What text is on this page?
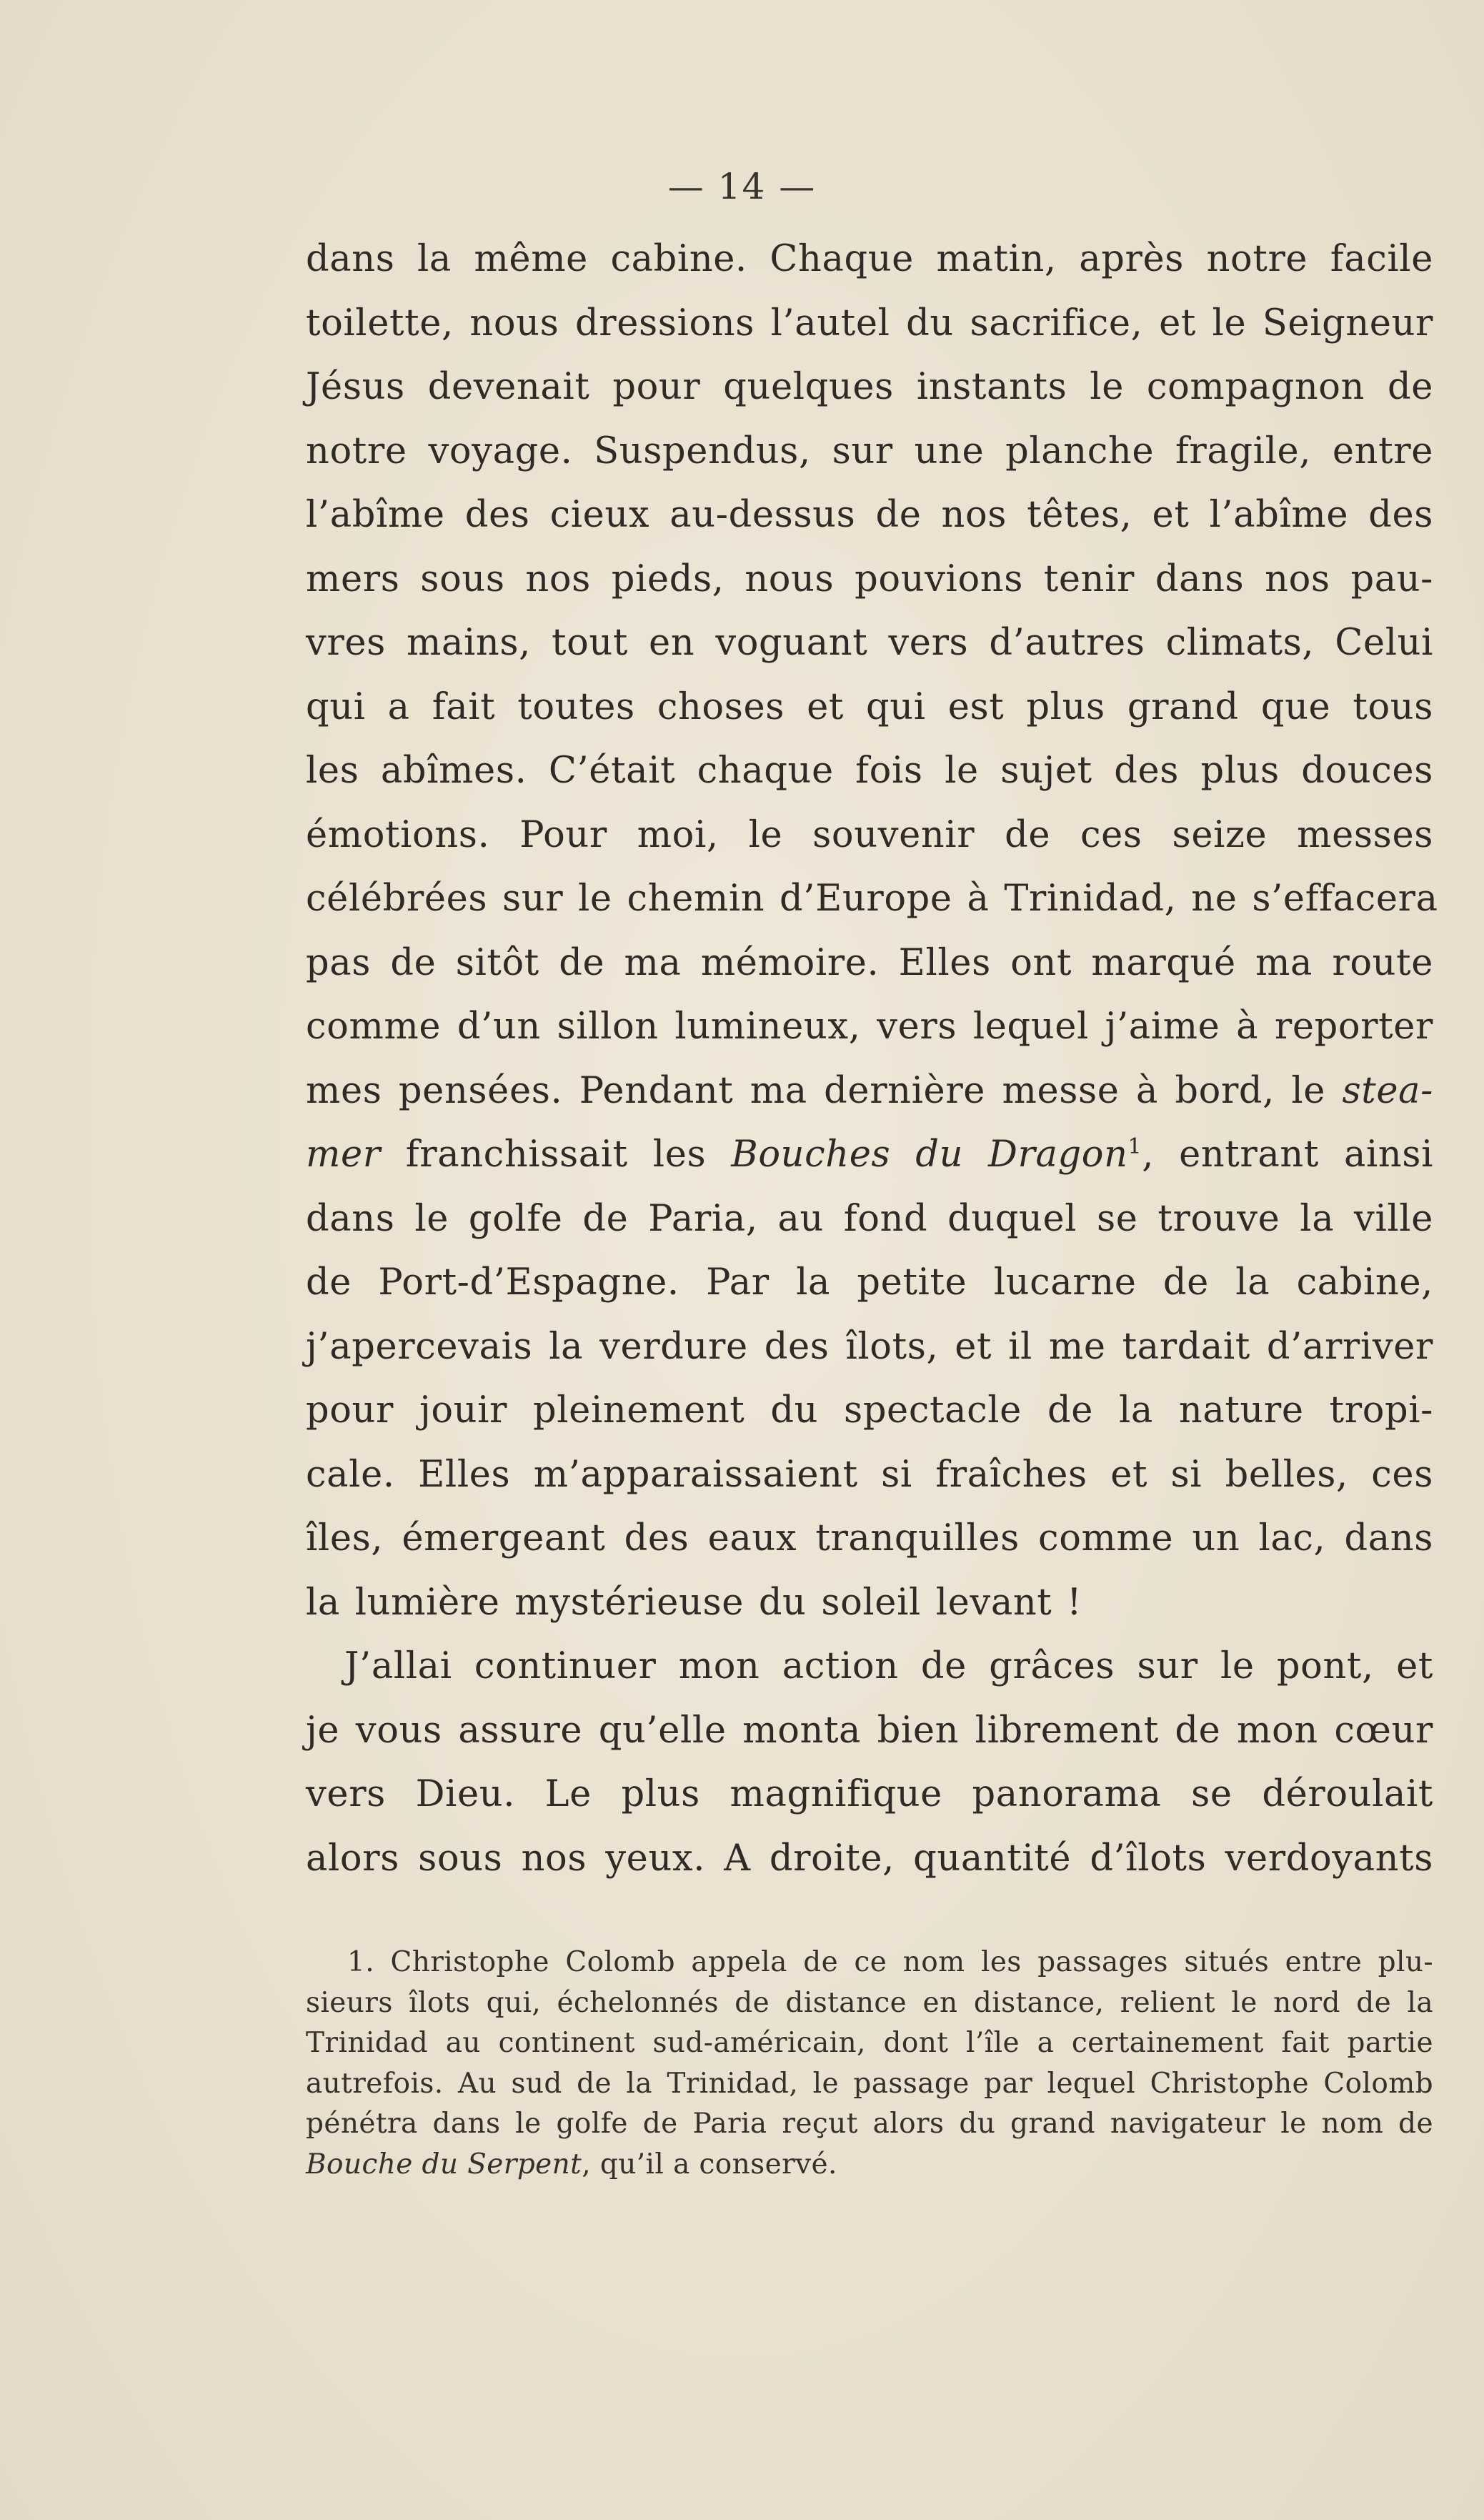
— 14 —
dans la même cabine. Chaque matin, après notre facile
toilette, nous dressions l’autel du sacrifice, et le Seigneur
Jésus devenait pour quelques instants le compagnon de
notre voyage. Suspendus, sur une planche fragile, entre
l’abîme des cieux au-dessus de nos têtes, et l’abîme des
mers sous nos pieds, nous pouvions tenir dans nos pau-
vres mains, tout en voguant vers d’autres climats, Celui
qui a fait toutes choses et qui est plus grand que tous
les abîmes. C’était chaque fois le sujet des plus douces
émotions. Pour moi, le souvenir de ces seize messes
célébrées sur le chemin d’Europe à Trinidad, ne s’effacera
pas de sitôt de ma mémoire. Elles ont marqué ma route
comme d’un sillon lumineux, vers lequel j’aime à reporter
mes pensées. Pendant ma dernière messe à bord, le stea-
mer franchissait les Bouches du Dragon$^1$, entrant ainsi
dans le golfe de Paria, au fond duquel se trouve la ville
de Port-d’Espagne. Par la petite lucarne de la cabine,
j’apercevais la verdure des îlots, et il me tardait d’arriver
pour jouir pleinement du spectacle de la nature tropi-
cale. Elles m’apparaissaient si fraîches et si belles, ces
îles, émergeant des eaux tranquilles comme un lac, dans
la lumière mystérieuse du soleil levant !
J’allai continuer mon action de grâces sur le pont, et
je vous assure qu’elle monta bien librement de mon cœur
vers Dieu. Le plus magnifique panorama se déroulait
alors sous nos yeux. A droite, quantité d’îlots verdoyants
1. Christophe Colomb appela de ce nom les passages situés entre plu-
sieurs îlots qui, échelonnés de distance en distance, relient le nord de la
Trinidad au continent sud-américain, dont l’île a certainement fait partie
autrefois. Au sud de la Trinidad, le passage par lequel Christophe Colomb
pénétra dans le golfe de Paria reçut alors du grand navigateur le nom de
Bouche du Serpent, qu’il a conservé.
